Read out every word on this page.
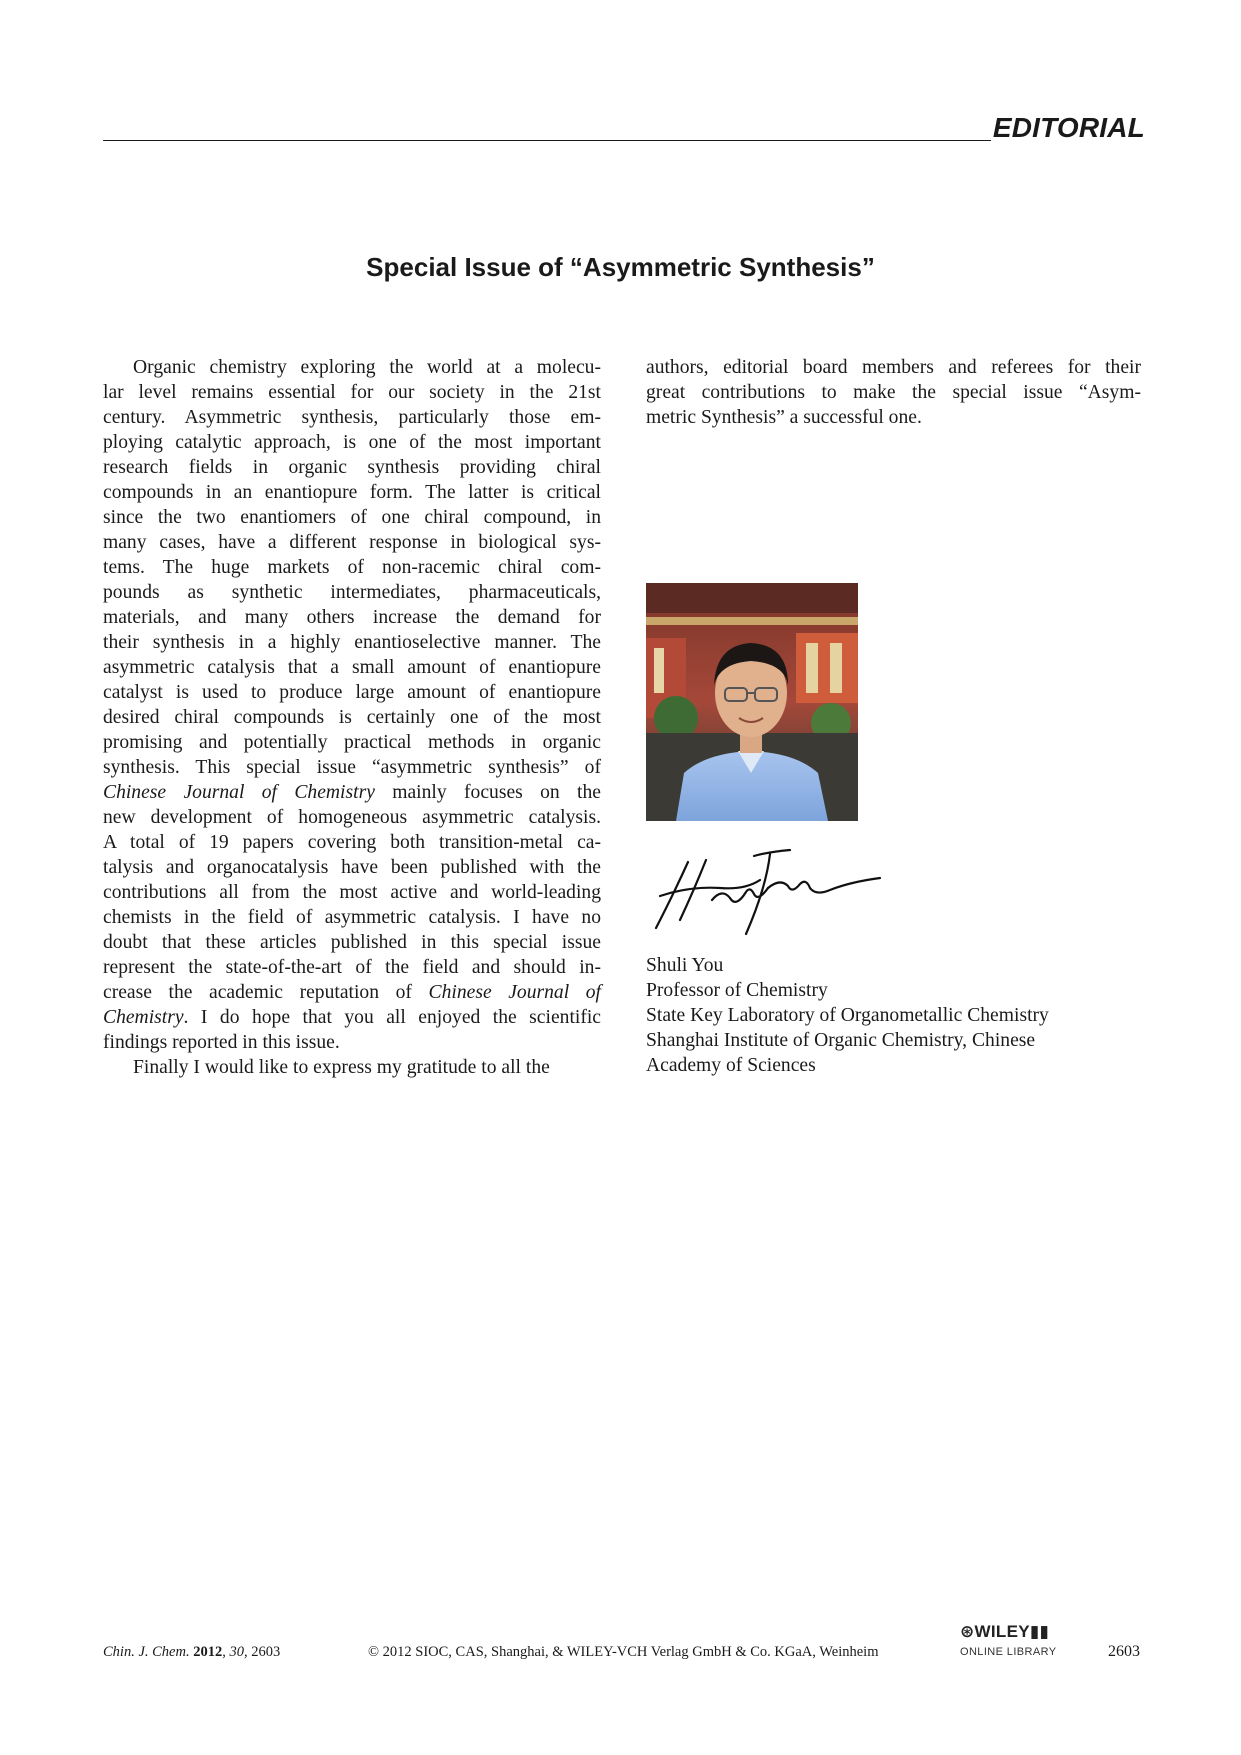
EDITORIAL
Special Issue of “Asymmetric Synthesis”
Organic chemistry exploring the world at a molecu-
lar level remains essential for our society in the 21st
century. Asymmetric synthesis, particularly those em-
ploying catalytic approach, is one of the most important
research fields in organic synthesis providing chiral
compounds in an enantiopure form. The latter is critical
since the two enantiomers of one chiral compound, in
many cases, have a different response in biological sys-
tems. The huge markets of non-racemic chiral com-
pounds as synthetic intermediates, pharmaceuticals,
materials, and many others increase the demand for
their synthesis in a highly enantioselective manner. The
asymmetric catalysis that a small amount of enantiopure
catalyst is used to produce large amount of enantiopure
desired chiral compounds is certainly one of the most
promising and potentially practical methods in organic
synthesis. This special issue “asymmetric synthesis” of
Chinese Journal of Chemistry mainly focuses on the
new development of homogeneous asymmetric catalysis.
A total of 19 papers covering both transition-metal ca-
talysis and organocatalysis have been published with the
contributions all from the most active and world-leading
chemists in the field of asymmetric catalysis. I have no
doubt that these articles published in this special issue
represent the state-of-the-art of the field and should in-
crease the academic reputation of Chinese Journal of
Chemistry. I do hope that you all enjoyed the scientific
findings reported in this issue.
Finally I would like to express my gratitude to all the
authors, editorial board members and referees for their
great contributions to make the special issue “Asym-
metric Synthesis” a successful one.
Shuli You
Professor of Chemistry
State Key Laboratory of Organometallic Chemistry
Shanghai Institute of Organic Chemistry, Chinese
Academy of Sciences
Chin. J. Chem. 2012, 30, 2603	© 2012 SIOC, CAS, Shanghai, & WILEY-VCH Verlag GmbH & Co. KGaA, Weinheim
⊛WILEY▮▮
ONLINE LIBRARY	2603
